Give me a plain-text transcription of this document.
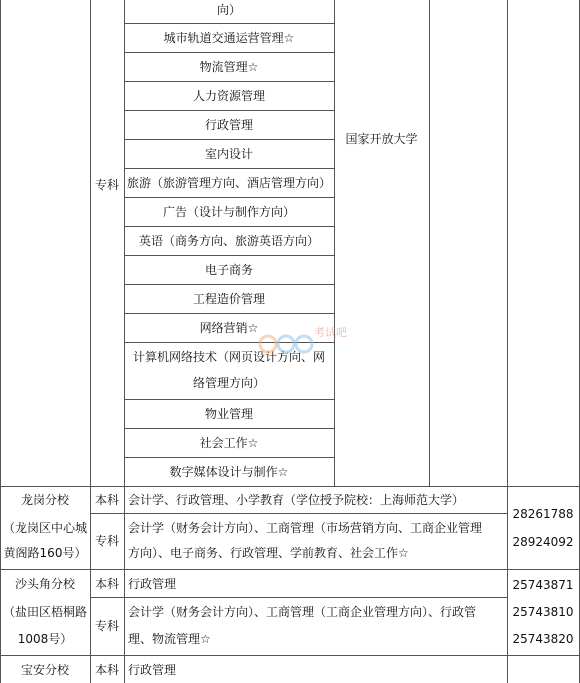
向）
专科
国家开放大学
城市轨道交通运营管理☆
物流管理☆
人力资源管理
行政管理
室内设计
旅游（旅游管理方向、酒店管理方向）
广告（设计与制作方向）
英语（商务方向、旅游英语方向）
电子商务
工程造价管理
网络营销☆
计算机网络技术（网页设计方向、网
络管理方向）
物业管理
社会工作☆
数字媒体设计与制作☆
考试吧
龙岗分校
（龙岗区中心城
黄阁路160号）
本科 会计学、行政管理、小学教育（学位授予院校：上海师范大学）
专科
会计学（财务会计方向）、工商管理（市场营销方向、工商企业管理
方向）、电子商务、行政管理、学前教育、社会工作☆
28261788
28924092
沙头角分校
（盐田区梧桐路
1008号）
本科 行政管理
专科
会计学（财务会计方向）、工商管理（工商企业管理方向）、行政管
理、物流管理☆
25743871
25743810
25743820
宝安分校	本科 行政管理
